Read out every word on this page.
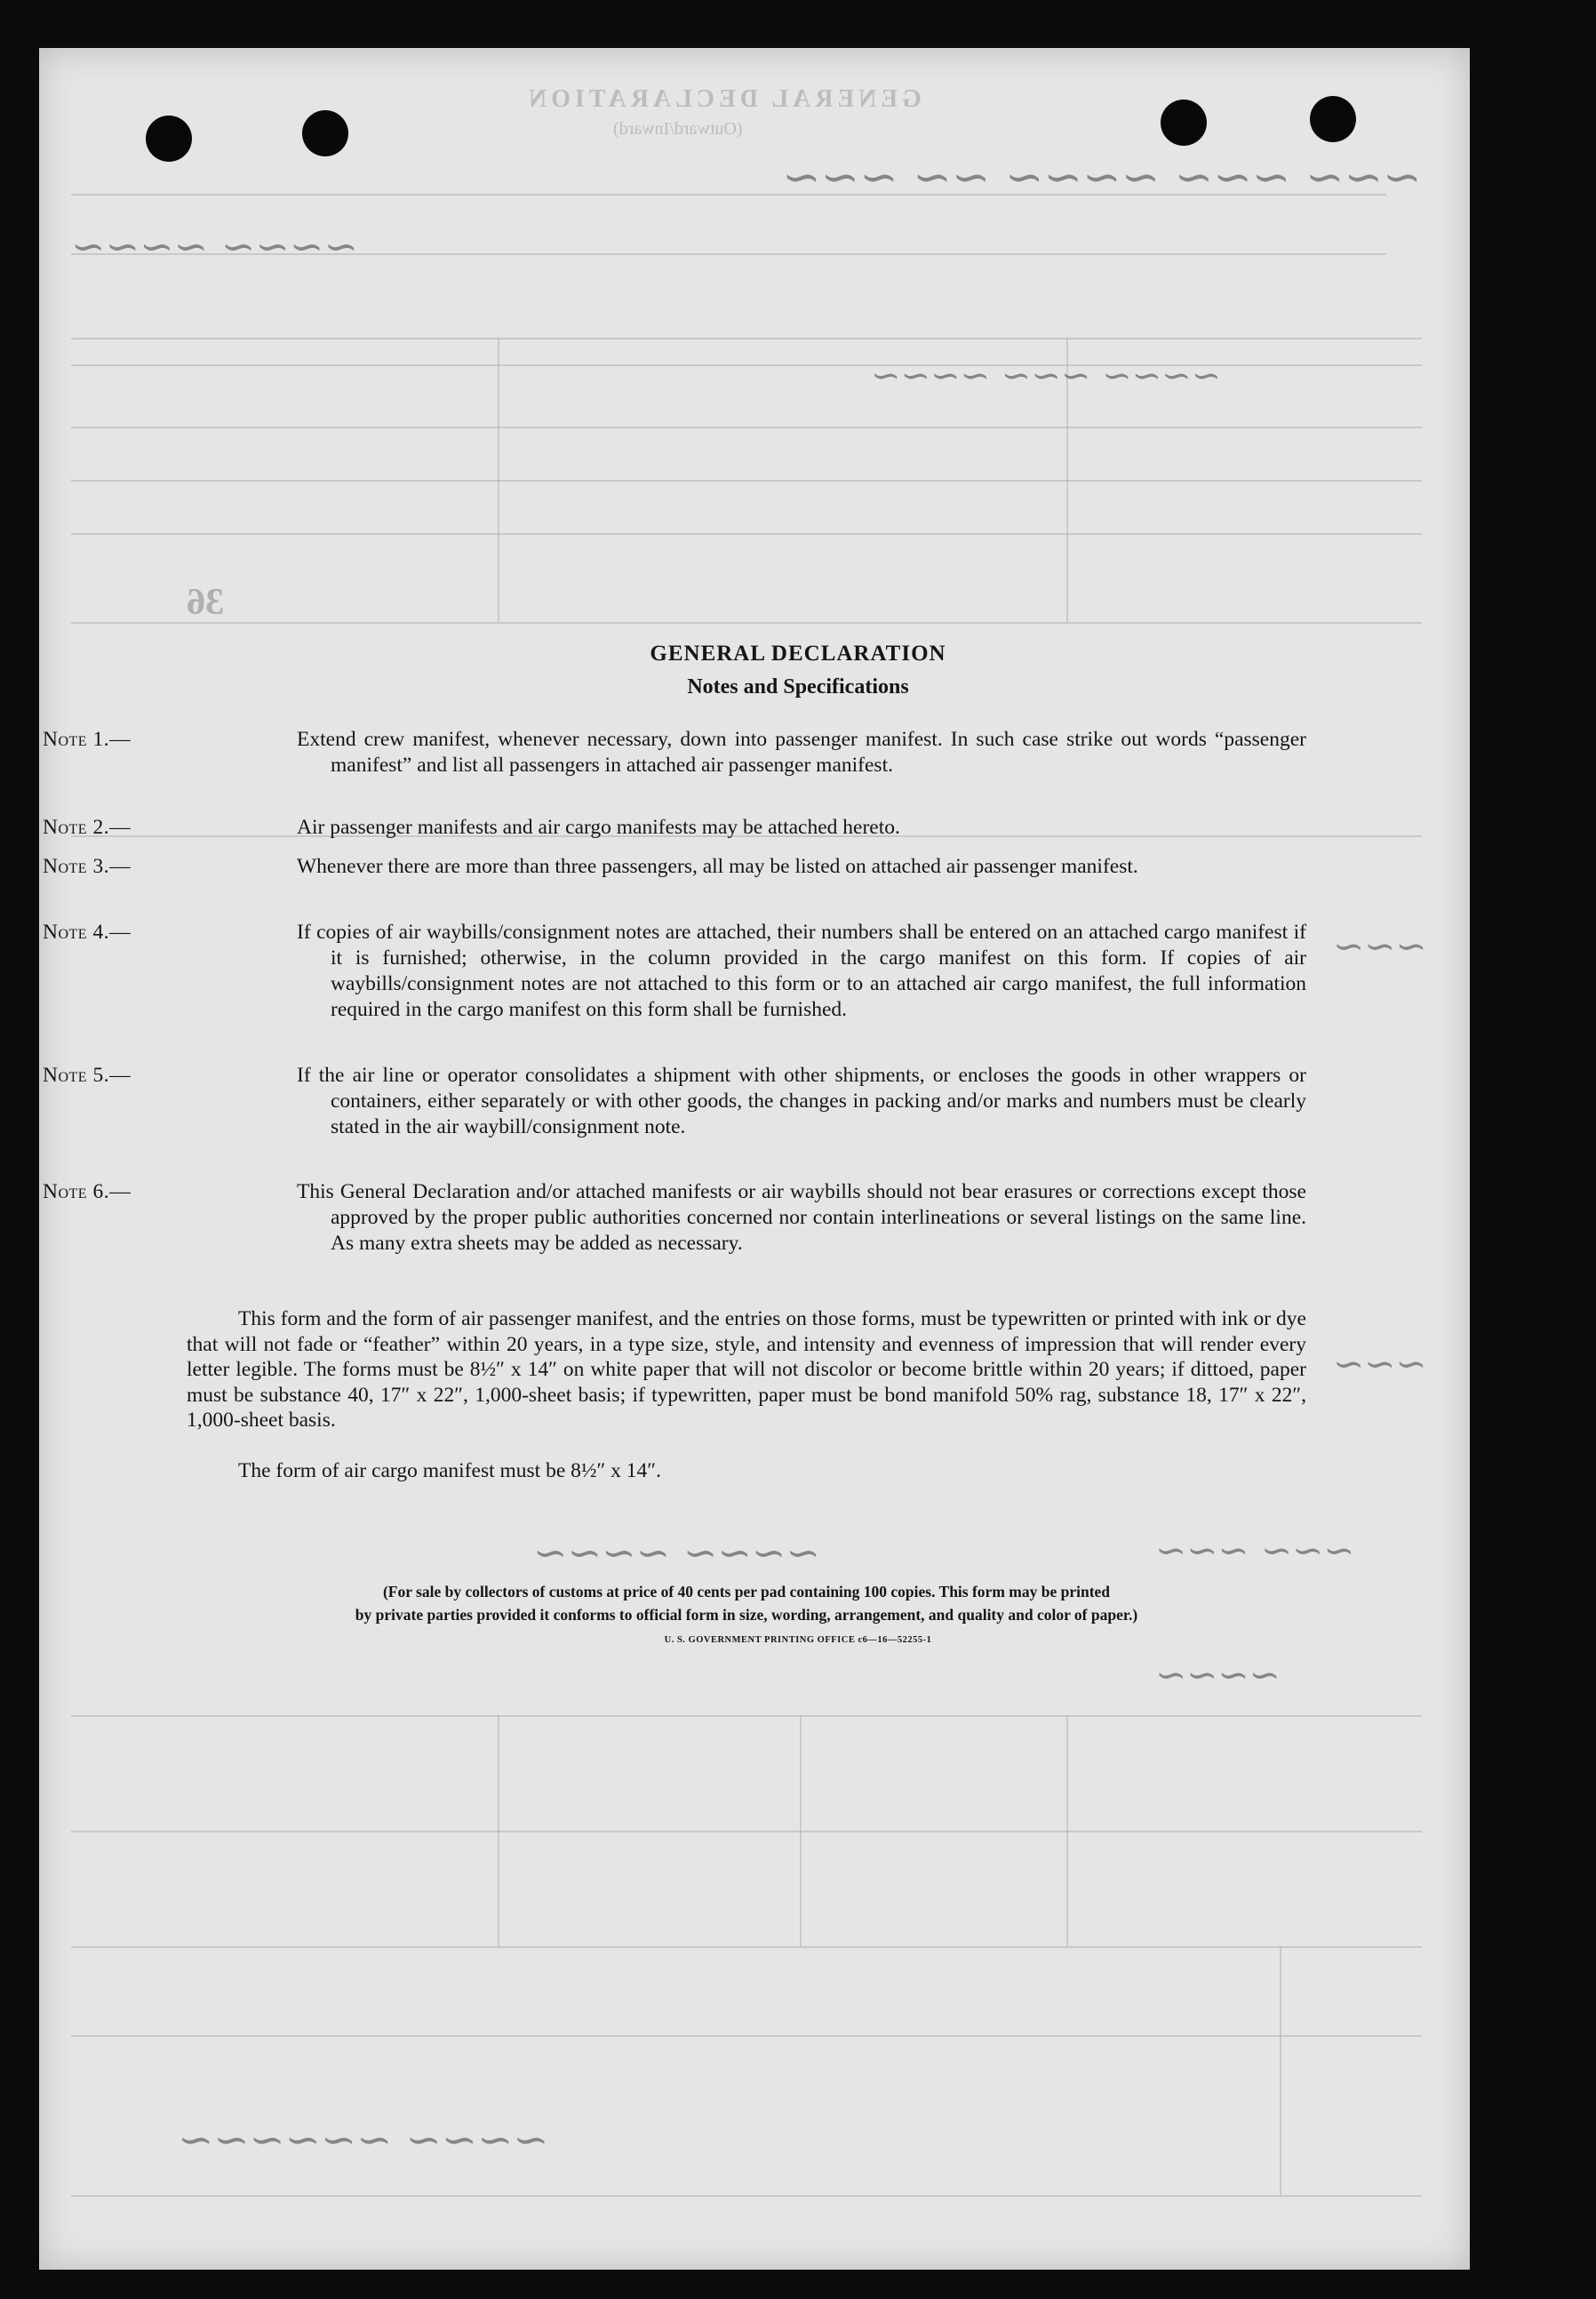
GENERAL DECLARATION
(Outward/Inward)
36
~~~ ~~~ ~~~~ ~~ ~~~
~~~~ ~~~~
~~~~ ~~~ ~~~~
~~~
~~~
~~~~ ~~~~	~~~ ~~~
~~~~
~~~~ ~~~~~~
GENERAL DECLARATION
Notes and Specifications
Note 1.—	Extend crew manifest, whenever necessary, down into passenger manifest. In such case strike out words “passenger manifest” and list all passengers in attached air passenger manifest.
Note 2.—	Air passenger manifests and air cargo manifests may be attached hereto.
Note 3.—	Whenever there are more than three passengers, all may be listed on attached air passenger manifest.
Note 4.—	If copies of air waybills/consignment notes are attached, their numbers shall be entered on an attached cargo manifest if it is furnished; otherwise, in the column provided in the cargo manifest on this form. If copies of air waybills/consignment notes are not attached to this form or to an attached air cargo manifest, the full information required in the cargo manifest on this form shall be furnished.
Note 5.—	If the air line or operator consolidates a shipment with other shipments, or encloses the goods in other wrappers or containers, either separately or with other goods, the changes in packing and/or marks and numbers must be clearly stated in the air waybill/consignment note.
Note 6.—	This General Declaration and/or attached manifests or air waybills should not bear erasures or corrections except those approved by the proper public authorities concerned nor contain interlineations or several listings on the same line. As many extra sheets may be added as necessary.
This form and the form of air passenger manifest, and the entries on those forms, must be typewritten or printed with ink or dye that will not fade or “feather” within 20 years, in a type size, style, and intensity and evenness of impression that will render every letter legible. The forms must be 8½″ x 14″ on white paper that will not discolor or become brittle within 20 years; if dittoed, paper must be substance 40, 17″ x 22″, 1,000-sheet basis; if typewritten, paper must be bond manifold 50% rag, substance 18, 17″ x 22″, 1,000-sheet basis.
The form of air cargo manifest must be 8½″ x 14″.
(For sale by collectors of customs at price of 40 cents per pad containing 100 copies. This form may be printed
by private parties provided it conforms to official form in size, wording, arrangement, and quality and color of paper.)
U. S. GOVERNMENT PRINTING OFFICE c6—16—52255-1
